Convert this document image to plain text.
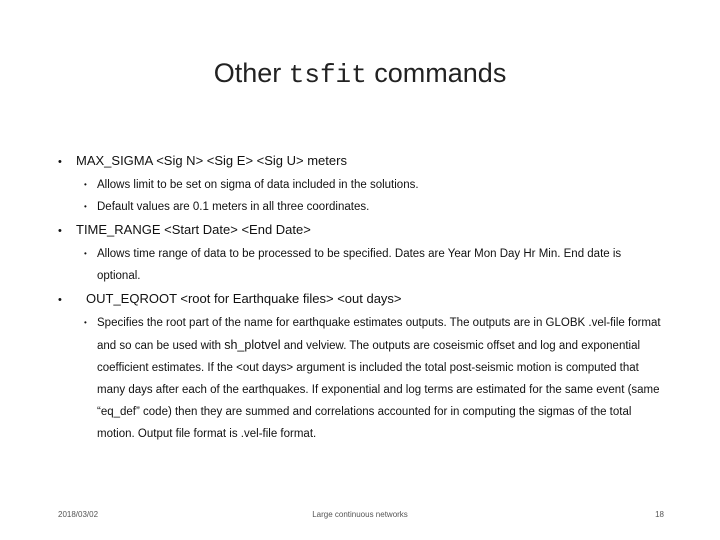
Other tsfit commands
• MAX_SIGMA <Sig N> <Sig E> <Sig U> meters
• Allows limit to be set on sigma of data included in the solutions.
• Default values are 0.1 meters in all three coordinates.
• TIME_RANGE <Start Date> <End Date>
• Allows time range of data to be processed to be specified. Dates are Year Mon Day Hr Min. End date is optional.
• OUT_EQROOT <root for Earthquake files> <out days>
• Specifies the root part of the name for earthquake estimates outputs. The outputs are in GLOBK .vel-file format and so can be used with sh_plotvel and velview. The outputs are coseismic offset and log and exponential coefficient estimates. If the <out days> argument is included the total post-seismic motion is computed that many days after each of the earthquakes. If exponential and log terms are estimated for the same event (same “eq_def” code) then they are summed and correlations accounted for in computing the sigmas of the total motion. Output file format is .vel-file format.
2018/03/02	Large continuous networks	18
